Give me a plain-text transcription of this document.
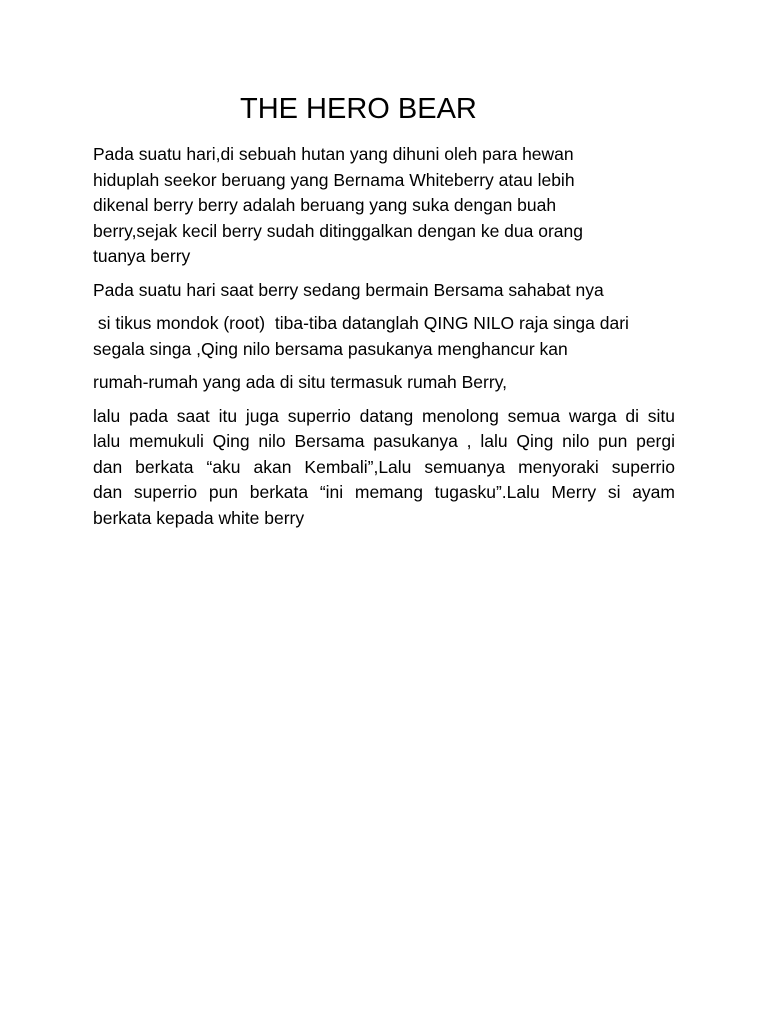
THE HERO BEAR

Pada suatu hari,di sebuah hutan yang dihuni oleh para hewan
hiduplah seekor beruang yang Bernama Whiteberry atau lebih
dikenal berry berry adalah beruang yang suka dengan buah
berry,sejak kecil berry sudah ditinggalkan dengan ke dua orang
tuanya berry

Pada suatu hari saat berry sedang bermain Bersama sahabat nya

si tikus mondok (root)  tiba-tiba datanglah QING NILO raja singa dari
segala singa ,Qing nilo bersama pasukanya menghancur kan

rumah-rumah yang ada di situ termasuk rumah Berry,

lalu pada saat itu juga superrio datang menolong semua warga di situ
lalu memukuli Qing nilo Bersama pasukanya , lalu Qing nilo pun pergi
dan berkata “aku akan Kembali”,Lalu semuanya menyoraki superrio
dan superrio pun berkata “ini memang tugasku”.Lalu Merry si ayam
berkata kepada white berry
